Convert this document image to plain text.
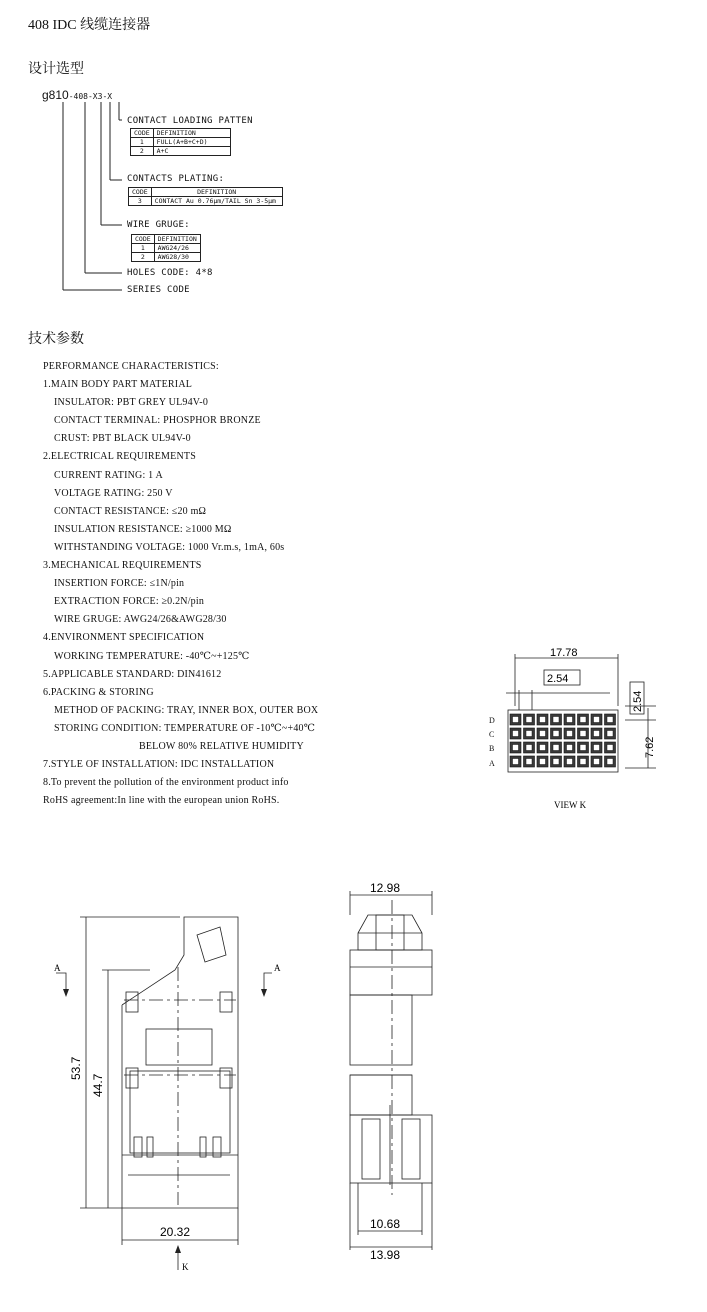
408 IDC 线缆连接器
设计选型
g810-408-X3-X
CONTACT LOADING PATTEN
CODE	DEFINITION
1	FULL(A+B+C+D)
2	A+C
CONTACTS PLATING:
CODE	DEFINITION
3	CONTACT Au 0.76μm/TAIL Sn 3-5μm
WIRE GRUGE:
CODE	DEFINITION
1	AWG24/26
2	AWG28/30
HOLES CODE: 4*8
SERIES CODE
技术参数
PERFORMANCE CHARACTERISTICS:
1.MAIN BODY PART MATERIAL
INSULATOR: PBT GREY UL94V-0
CONTACT TERMINAL: PHOSPHOR BRONZE
CRUST: PBT BLACK UL94V-0
2.ELECTRICAL REQUIREMENTS
CURRENT RATING: 1 A
VOLTAGE RATING: 250 V
CONTACT RESISTANCE: ≤20 mΩ
INSULATION RESISTANCE: ≥1000 MΩ
WITHSTANDING VOLTAGE: 1000 Vr.m.s, 1mA, 60s
3.MECHANICAL REQUIREMENTS
INSERTION FORCE: ≤1N/pin
EXTRACTION FORCE: ≥0.2N/pin
WIRE GRUGE: AWG24/26&AWG28/30
4.ENVIRONMENT SPECIFICATION
WORKING TEMPERATURE: -40℃~+125℃
5.APPLICABLE STANDARD: DIN41612
6.PACKING & STORING
METHOD OF PACKING: TRAY, INNER BOX, OUTER BOX
STORING CONDITION: TEMPERATURE OF -10℃~+40℃
BELOW 80% RELATIVE HUMIDITY
7.STYLE OF INSTALLATION: IDC INSTALLATION
8.To prevent the pollution of the environment product info
RoHS agreement:In line with the european union RoHS.
D
C
B
A
17.78
2.54
2.54
7.62
VIEW K
A	A
K
53.7
44.7
20.32
12.98
10.68
13.98
